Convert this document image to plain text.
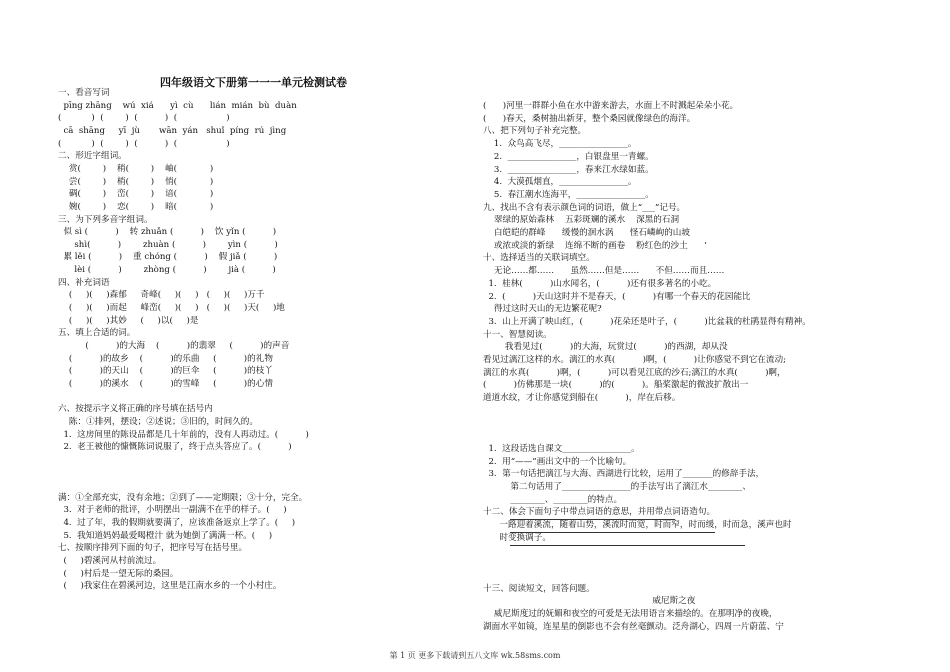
四年级语文下册第一一一单元检测试卷
一、看音写词
pīng zhāng    wú  xiá      yì  cù      lián  mián  bù  duàn
(           )  (        )  (          )  (                  )
cā  shāng     yī  jù       wān  yán   shuǐ  píng  rú  jìng
(           )  (        )  (          )  (                  )
二、形近字组词。
赏(        )    稍(        )    岫(            )
尝(        )    梢(        )    悄(            )
碉(        )    峦(        )    谙(            )
婉(        )    恋(        )    暗(            )
三、为下列多音字组词。
似 sì (          )    转 zhuǎn (          )    饮 yǐn (          )
shì(          )        zhuàn (          )        yìn (          )
累 lěi (          )    重 chóng (          )    假 jiǎ (          )
lèi (          )        zhòng (          )        jià (          )
四、补充词语
(     )(     )森郁     奇峰(     )(     )   (     )(     )万千
(     )(     )而起     峰峦(     )(     )   (     )(     )天(     )地
(     )(     )其妙     (     )以(     )是
五、填上合适的词。
(          )的大海    (          )的翡翠     (          )的声音
(          )的故乡    (          )的乐曲     (          )的礼物
(          )的天山    (          )的巨伞     (          )的枝丫
(          )的溪水    (          )的雪峰     (          )的心情
六、按提示字义将正确的序号填在括号内
陈：①排列，摆设；②述说；③旧的，时间久的。
1.  这房间里的陈设品都是几十年前的，没有人再动过。(          )
2.  老王被他的慷慨陈词说服了，终于点头答应了。(          )
满：①全部充实，没有余地；②到了——定期限；③十分，完全。
3.  对于老师的批评，小明摆出一副满不在乎的样子。(     )
4.  过了年，我的假期就要满了，应该准备返京上学了。(     )
5.  我知道妈妈最爱喝橙汁 就为她倒了满满一杯。(     )
七、按顺序排列下面的句子，把序号写在括号里。
(     )碧溪河从村前流过。
(     )村后是一望无际的桑园。
(     )我家住在碧溪河边，这里是江南水乡的一个小村庄。
(      )河里一群群小鱼在水中游来游去，水面上不时溅起朵朵小花。
(      )春天，桑树抽出新芽，整个桑园就像绿色的海洋。
八、把下列句子补充完整。
1.  众鸟高飞尽，________________。
2.  ________________，白银盘里一青螺。
3.  ________________，春来江水绿如蓝。
4.  大漠孤烟直，________________。
5.  春江潮水连海平，________________。
九、找出不含有表示颜色词的词语，做上“___”记号。
翠绿的原始森林    五彩斑斓的溪水    深黑的石洞
白皑皑的群峰      缓慢的洄水涡      怪石嶙峋的山坡
或浓或淡的新绿    连绵不断的画卷    粉红色的沙土      ‘
十、选择适当的关联词填空。
无论……都……      虽然……但是……      不但……而且……
1.  桂林(          )山水闻名，(          )还有很多著名的小吃。
2.  (          )天山这时并不是春天，(          )有哪一个春天的花园能比
得过这时天山的无边繁花呢?
3.  山上开满了映山红，(          )花朵还是叶子，(          )比盆栽的杜鹃显得有精神。
十一、智慧阅读。
我看见过(          )的大海，玩赏过(          )的西湖，却从没
看见过漓江这样的水。漓江的水真(          )啊，(          )让你感觉不到它在流动;
漓江的水真(          )啊，(          )可以看见江底的沙石;漓江的水真(          )啊，
(          )仿佛那是一块(          )的(          )。船桨激起的微波扩散出一
道道水纹，才让你感觉到船在(          )，岸在后移。
1.  这段话选自课文________________。
2.  用“——”画出文中的一个比喻句。
3.  第一句话把漓江与大海、西湖进行比较，运用了_______的修辞手法，
第二句话用了________________的手法写出了漓江水________、
________、________的特点。
十二、体会下面句子中带点词语的意思，并用带点词语造句。
一路迎着溪流，随着山势，溪流时而宽，时而窄，时而缓，时而急，溪声也时
时变换调子。
十三、阅读短文，回答问题。
威尼斯之夜
威尼斯度过的妩媚和夜空的可爱是无法用语言来描绘的。在那明净的夜晚，
湖面水平如镜，连星星的倒影也不会有丝毫颤动。泛舟湖心，四周一片蔚蓝、宁
第 1 页 更多下载请到五八文库 wk.58sms.com
